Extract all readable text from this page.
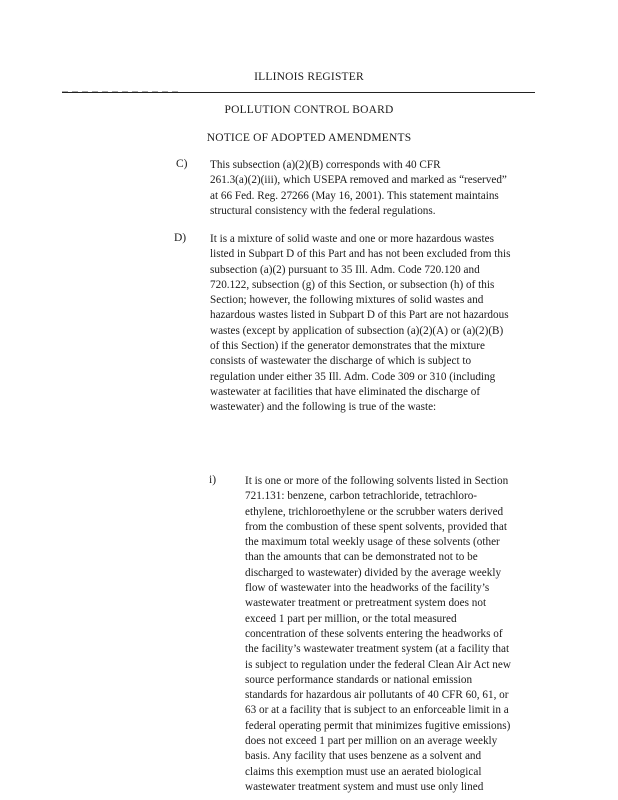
ILLINOIS REGISTER
POLLUTION CONTROL BOARD
NOTICE OF ADOPTED AMENDMENTS
C) This subsection (a)(2)(B) corresponds with 40 CFR
261.3(a)(2)(iii), which USEPA removed and marked as “reserved”
at 66 Fed. Reg. 27266 (May 16, 2001). This statement maintains
structural consistency with the federal regulations.
D) It is a mixture of solid waste and one or more hazardous wastes
listed in Subpart D of this Part and has not been excluded from this
subsection (a)(2) pursuant to 35 Ill. Adm. Code 720.120 and
720.122, subsection (g) of this Section, or subsection (h) of this
Section; however, the following mixtures of solid wastes and
hazardous wastes listed in Subpart D of this Part are not hazardous
wastes (except by application of subsection (a)(2)(A) or (a)(2)(B)
of this Section) if the generator demonstrates that the mixture
consists of wastewater the discharge of which is subject to
regulation under either 35 Ill. Adm. Code 309 or 310 (including
wastewater at facilities that have eliminated the discharge of
wastewater) and the following is true of the waste:
i)	It is one or more of the following solvents listed in Section
721.131: benzene, carbon tetrachloride, tetrachloro-
ethylene, trichloroethylene or the scrubber waters derived
from the combustion of these spent solvents, provided that
the maximum total weekly usage of these solvents (other
than the amounts that can be demonstrated not to be
discharged to wastewater) divided by the average weekly
flow of wastewater into the headworks of the facility’s
wastewater treatment or pretreatment system does not
exceed 1 part per million, or the total measured
concentration of these solvents entering the headworks of
the facility’s wastewater treatment system (at a facility that
is subject to regulation under the federal Clean Air Act new
source performance standards or national emission
standards for hazardous air pollutants of 40 CFR 60, 61, or
63 or at a facility that is subject to an enforceable limit in a
federal operating permit that minimizes fugitive emissions)
does not exceed 1 part per million on an average weekly
basis. Any facility that uses benzene as a solvent and
claims this exemption must use an aerated biological
wastewater treatment system and must use only lined
